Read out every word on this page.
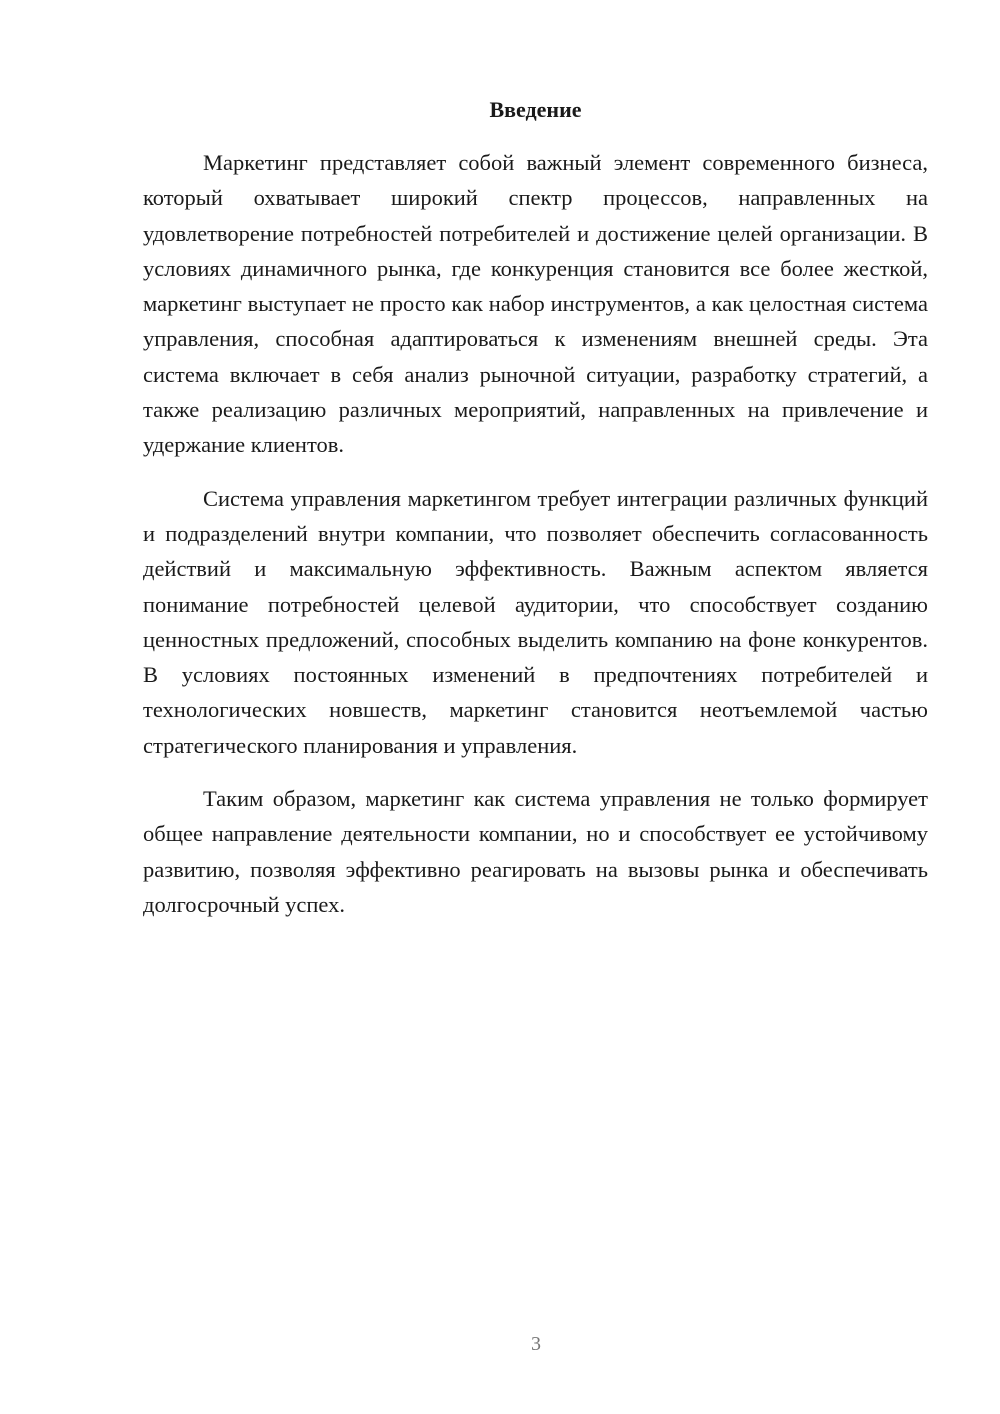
Введение

Маркетинг представляет собой важный элемент современного бизнеса, который охватывает широкий спектр процессов, направленных на удовлетворение потребностей потребителей и достижение целей организации. В условиях динамичного рынка, где конкуренция становится все более жесткой, маркетинг выступает не просто как набор инструментов, а как целостная система управления, способная адаптироваться к изменениям внешней среды. Эта система включает в себя анализ рыночной ситуации, разработку стратегий, а также реализацию различных мероприятий, направленных на привлечение и удержание клиентов.

Система управления маркетингом требует интеграции различных функций и подразделений внутри компании, что позволяет обеспечить согласованность действий и максимальную эффективность. Важным аспектом является понимание потребностей целевой аудитории, что способствует созданию ценностных предложений, способных выделить компанию на фоне конкурентов. В условиях постоянных изменений в предпочтениях потребителей и технологических новшеств, маркетинг становится неотъемлемой частью стратегического планирования и управления.

Таким образом, маркетинг как система управления не только формирует общее направление деятельности компании, но и способствует ее устойчивому развитию, позволяя эффективно реагировать на вызовы рынка и обеспечивать долгосрочный успех.

3
